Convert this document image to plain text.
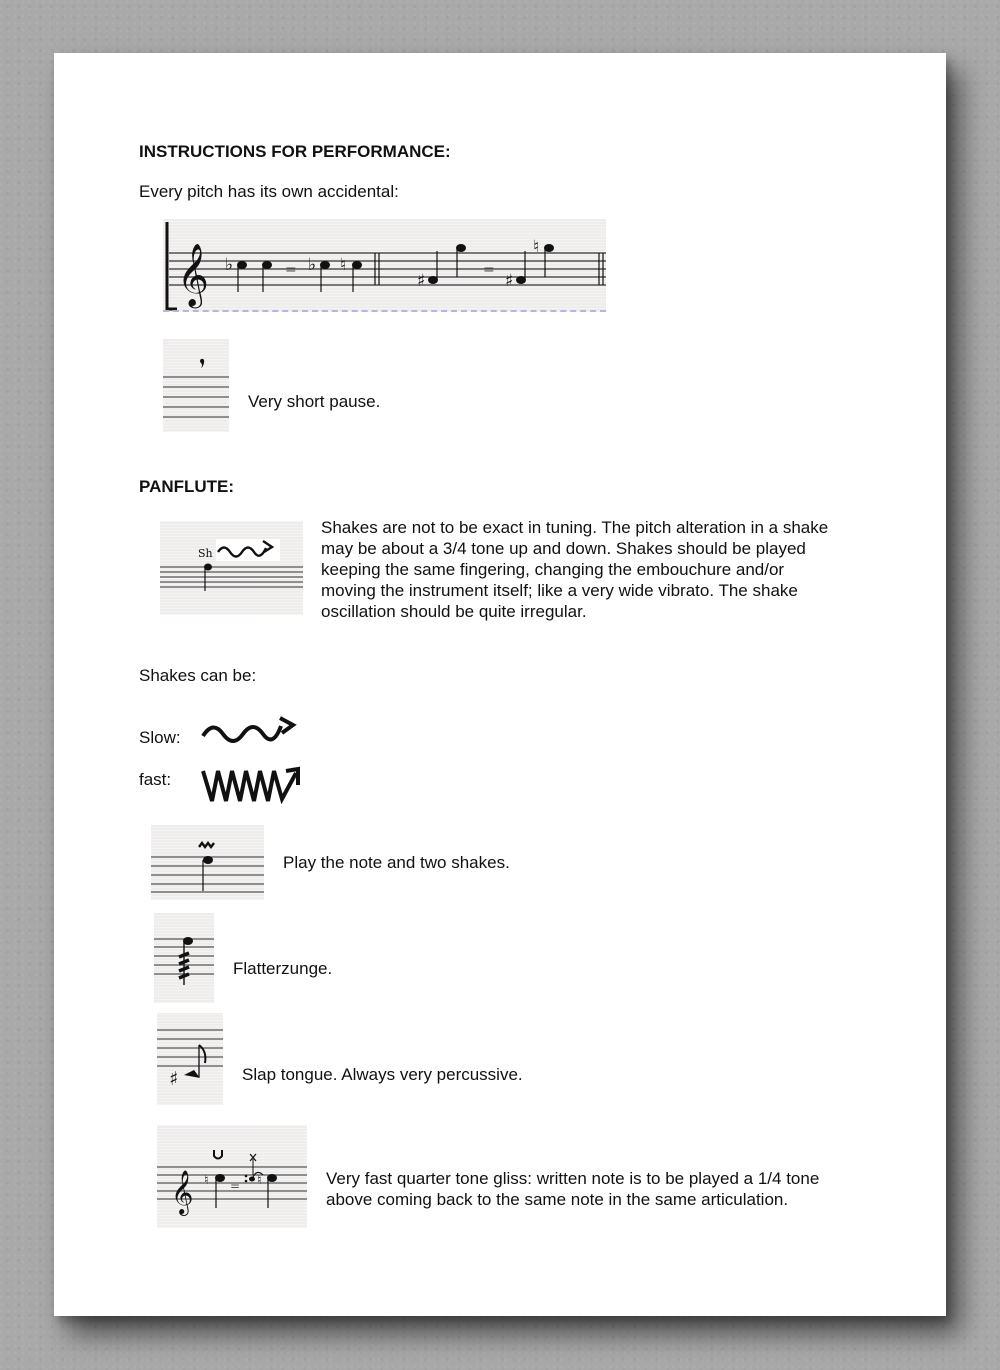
INSTRUCTIONS FOR PERFORMANCE:
Every pitch has its own accidental:
𝄞 ♭	= ♭ ♮
♯
=
♯
♮
Very short pause.
PANFLUTE:
Sh
Shakes are not to be exact in tuning. The pitch alteration in a shake
may be about a 3/4 tone up and down. Shakes should be played
keeping the same fingering, changing the embouchure and/or
moving the instrument itself; like a very wide vibrato. The shake
oscillation should be quite irregular.
Shakes can be:
Slow:
fast:
Play the note and two shakes.
Flatterzunge.
♯	Slap tongue. Always very percussive.
𝄞 ♮ = ♮	Very fast quarter tone gliss: written note is to be played a 1/4 tone
above coming back to the same note in the same articulation.
